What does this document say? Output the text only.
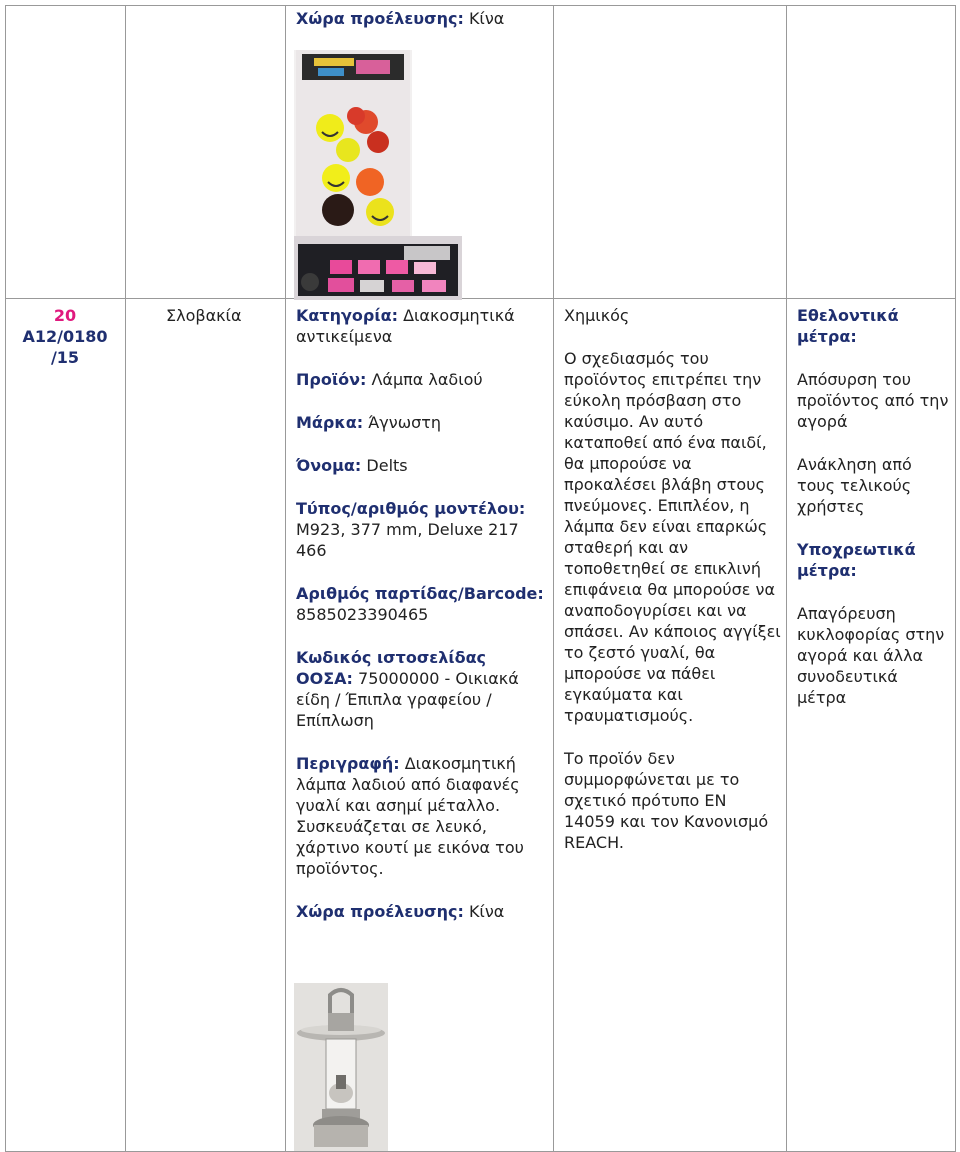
Χώρα προέλευσης: Κίνα
20
A12/0180
/15
Σλοβακία	Κατηγορία: Διακοσμητικά αντικείμενα
Προϊόν: Λάμπα λαδιού
Μάρκα: Άγνωστη
Όνομα: Delts
Τύπος/αριθμός μοντέλου: M923, 377 mm, Deluxe 217 466
Αριθμός παρτίδας/Barcode: 8585023390465
Κωδικός ιστοσελίδας ΟΟΣΑ: 75000000 - Οικιακά είδη / Έπιπλα γραφείου / Επίπλωση
Περιγραφή: Διακοσμητική λάμπα λαδιού από διαφανές γυαλί και ασημί μέταλλο. Συσκευάζεται σε λευκό, χάρτινο κουτί με εικόνα του προϊόντος.
Χώρα προέλευσης: Κίνα
Χημικός
Ο σχεδιασμός του προϊόντος επιτρέπει την εύκολη πρόσβαση στο καύσιμο. Αν αυτό καταποθεί από ένα παιδί, θα μπορούσε να προκαλέσει βλάβη στους πνεύμονες. Επιπλέον, η λάμπα δεν είναι επαρκώς σταθερή και αν τοποθετηθεί σε επικλινή επιφάνεια θα μπορούσε να αναποδογυρίσει και να σπάσει. Αν κάποιος αγγίξει το ζεστό γυαλί, θα μπορούσε να πάθει εγκαύματα και τραυματισμούς.
Το προϊόν δεν συμμορφώνεται με το σχετικό πρότυπο EN 14059 και τον Κανονισμό REACH.
Εθελοντικά μέτρα:
Απόσυρση του προϊόντος από την αγορά
Ανάκληση από τους τελικούς χρήστες
Υποχρεωτικά μέτρα:
Απαγόρευση κυκλοφορίας στην αγορά και άλλα συνοδευτικά μέτρα
